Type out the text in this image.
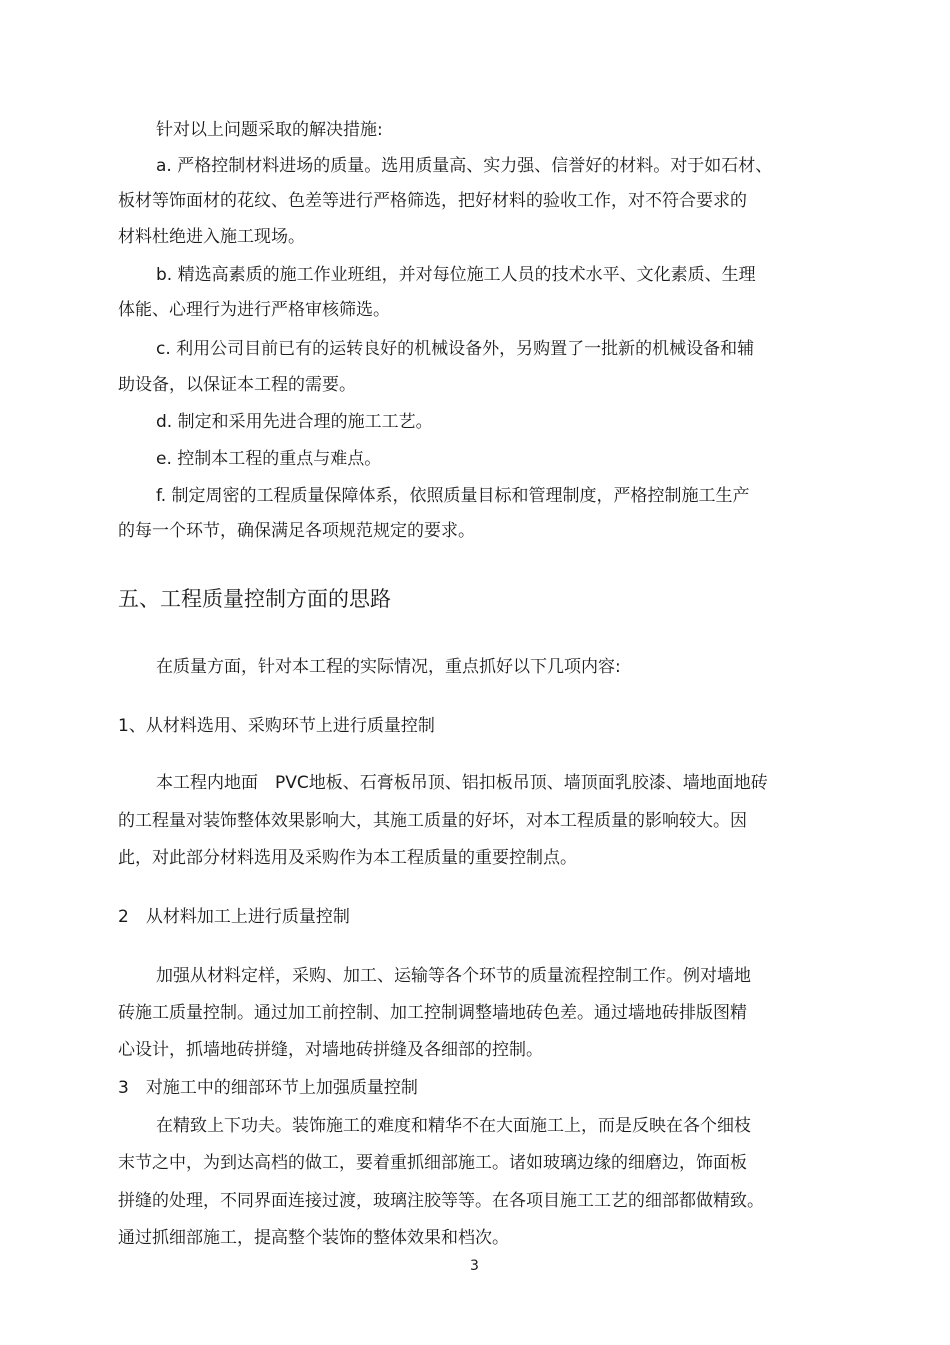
针对以上问题采取的解决措施:
a. 严格控制材料进场的质量。选用质量高、实力强、信誉好的材料。对于如石材、
板材等饰面材的花纹、色差等进行严格筛选，把好材料的验收工作，对不符合要求的
材料杜绝进入施工现场。
b. 精选高素质的施工作业班组，并对每位施工人员的技术水平、文化素质、生理
体能、心理行为进行严格审核筛选。
c. 利用公司目前已有的运转良好的机械设备外，另购置了一批新的机械设备和辅
助设备，以保证本工程的需要。
d. 制定和采用先进合理的施工工艺。
e. 控制本工程的重点与难点。
f. 制定周密的工程质量保障体系，依照质量目标和管理制度，严格控制施工生产
的每一个环节，确保满足各项规范规定的要求。
五、工程质量控制方面的思路
在质量方面，针对本工程的实际情况，重点抓好以下几项内容:
1、从材料选用、采购环节上进行质量控制
本工程内地面　PVC地板、石膏板吊顶、铝扣板吊顶、墙顶面乳胶漆、墙地面地砖
的工程量对装饰整体效果影响大，其施工质量的好坏，对本工程质量的影响较大。因
此，对此部分材料选用及采购作为本工程质量的重要控制点。
2　从材料加工上进行质量控制
加强从材料定样，采购、加工、运输等各个环节的质量流程控制工作。例对墙地
砖施工质量控制。通过加工前控制、加工控制调整墙地砖色差。通过墙地砖排版图精
心设计，抓墙地砖拼缝，对墙地砖拼缝及各细部的控制。
3　对施工中的细部环节上加强质量控制
在精致上下功夫。装饰施工的难度和精华不在大面施工上，而是反映在各个细枝
末节之中，为到达高档的做工，要着重抓细部施工。诸如玻璃边缘的细磨边，饰面板
拼缝的处理，不同界面连接过渡，玻璃注胶等等。在各项目施工工艺的细部都做精致。
通过抓细部施工，提高整个装饰的整体效果和档次。
3
